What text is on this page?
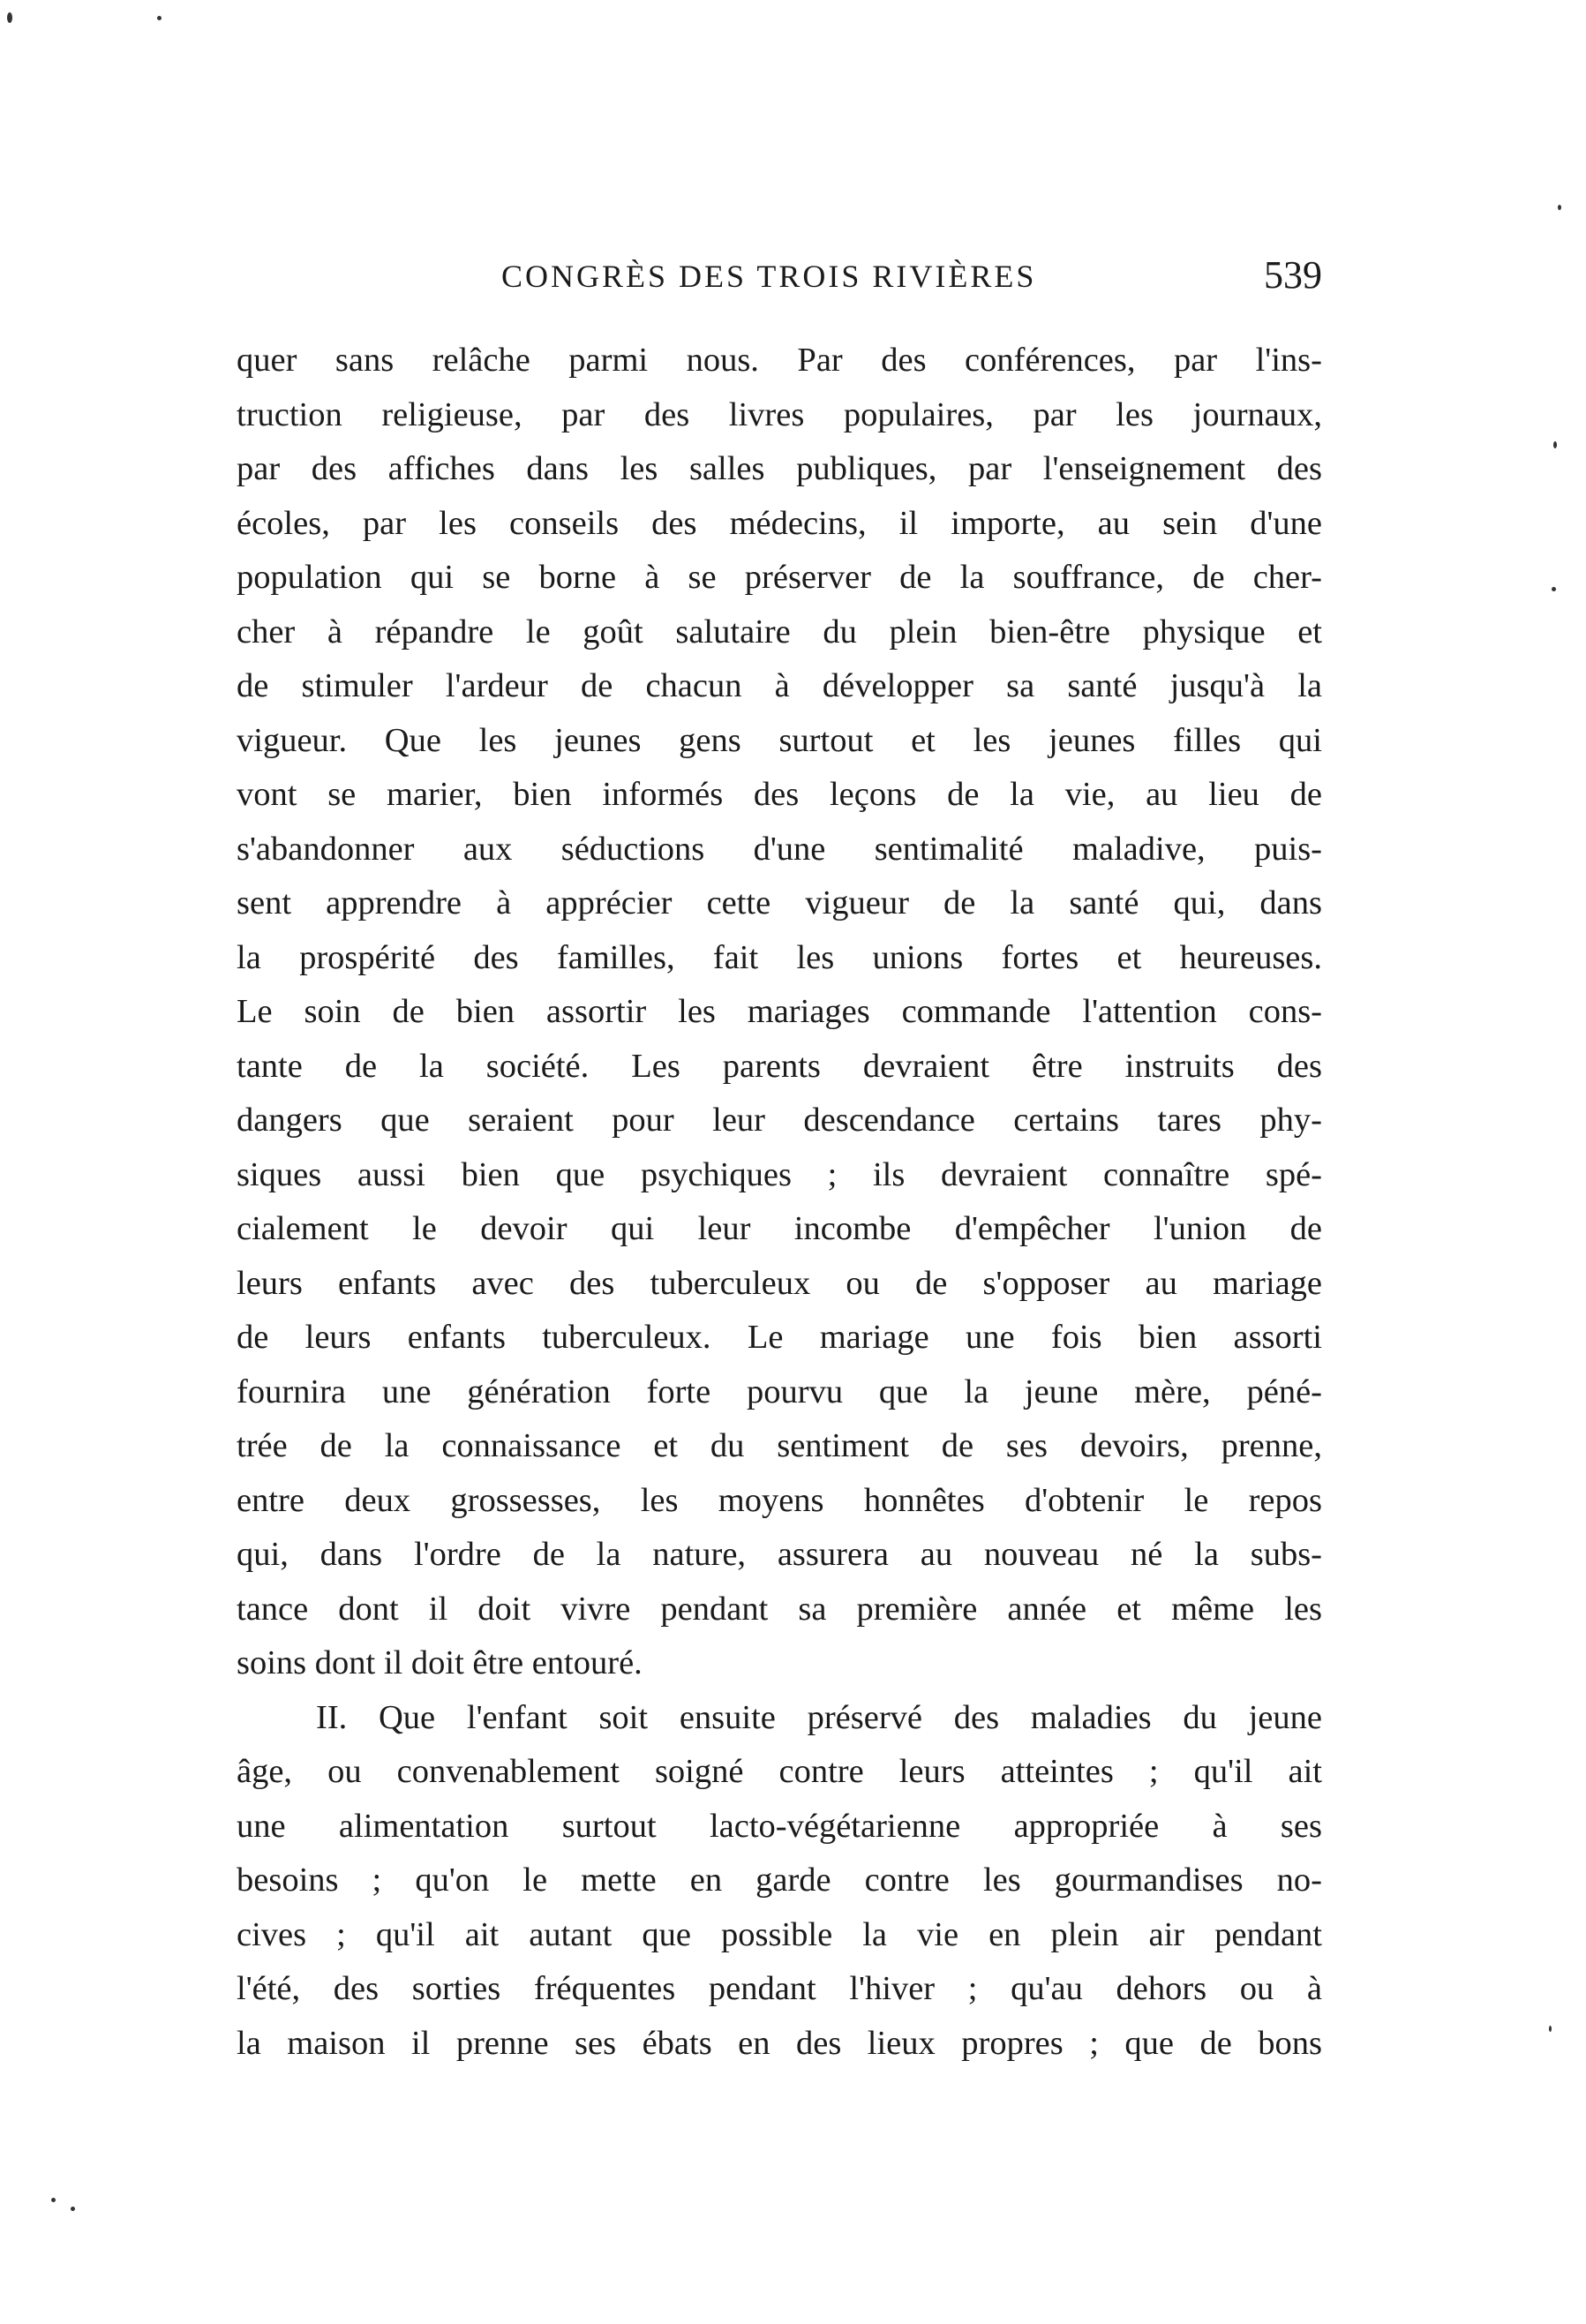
CONGRÈS DES TROIS RIVIÈRES	539
quer sans relâche parmi nous. Par des conférences, par l'ins-
truction religieuse, par des livres populaires, par les journaux,
par des affiches dans les salles publiques, par l'enseignement des
écoles, par les conseils des médecins, il importe, au sein d'une
population qui se borne à se préserver de la souffrance, de cher-
cher à répandre le goût salutaire du plein bien-être physique et
de stimuler l'ardeur de chacun à développer sa santé jusqu'à la
vigueur. Que les jeunes gens surtout et les jeunes filles qui
vont se marier, bien informés des leçons de la vie, au lieu de
s'abandonner aux séductions d'une sentimalité maladive, puis-
sent apprendre à apprécier cette vigueur de la santé qui, dans
la prospérité des familles, fait les unions fortes et heureuses.
Le soin de bien assortir les mariages commande l'attention cons-
tante de la société. Les parents devraient être instruits des
dangers que seraient pour leur descendance certains tares phy-
siques aussi bien que psychiques ; ils devraient connaître spé-
cialement le devoir qui leur incombe d'empêcher l'union de
leurs enfants avec des tuberculeux ou de s'opposer au mariage
de leurs enfants tuberculeux. Le mariage une fois bien assorti
fournira une génération forte pourvu que la jeune mère, péné-
trée de la connaissance et du sentiment de ses devoirs, prenne,
entre deux grossesses, les moyens honnêtes d'obtenir le repos
qui, dans l'ordre de la nature, assurera au nouveau né la subs-
tance dont il doit vivre pendant sa première année et même les
soins dont il doit être entouré.
II. Que l'enfant soit ensuite préservé des maladies du jeune
âge, ou convenablement soigné contre leurs atteintes ; qu'il ait
une alimentation surtout lacto-végétarienne appropriée à ses
besoins ; qu'on le mette en garde contre les gourmandises no-
cives ; qu'il ait autant que possible la vie en plein air pendant
l'été, des sorties fréquentes pendant l'hiver ; qu'au dehors ou à
la maison il prenne ses ébats en des lieux propres ; que de bons
